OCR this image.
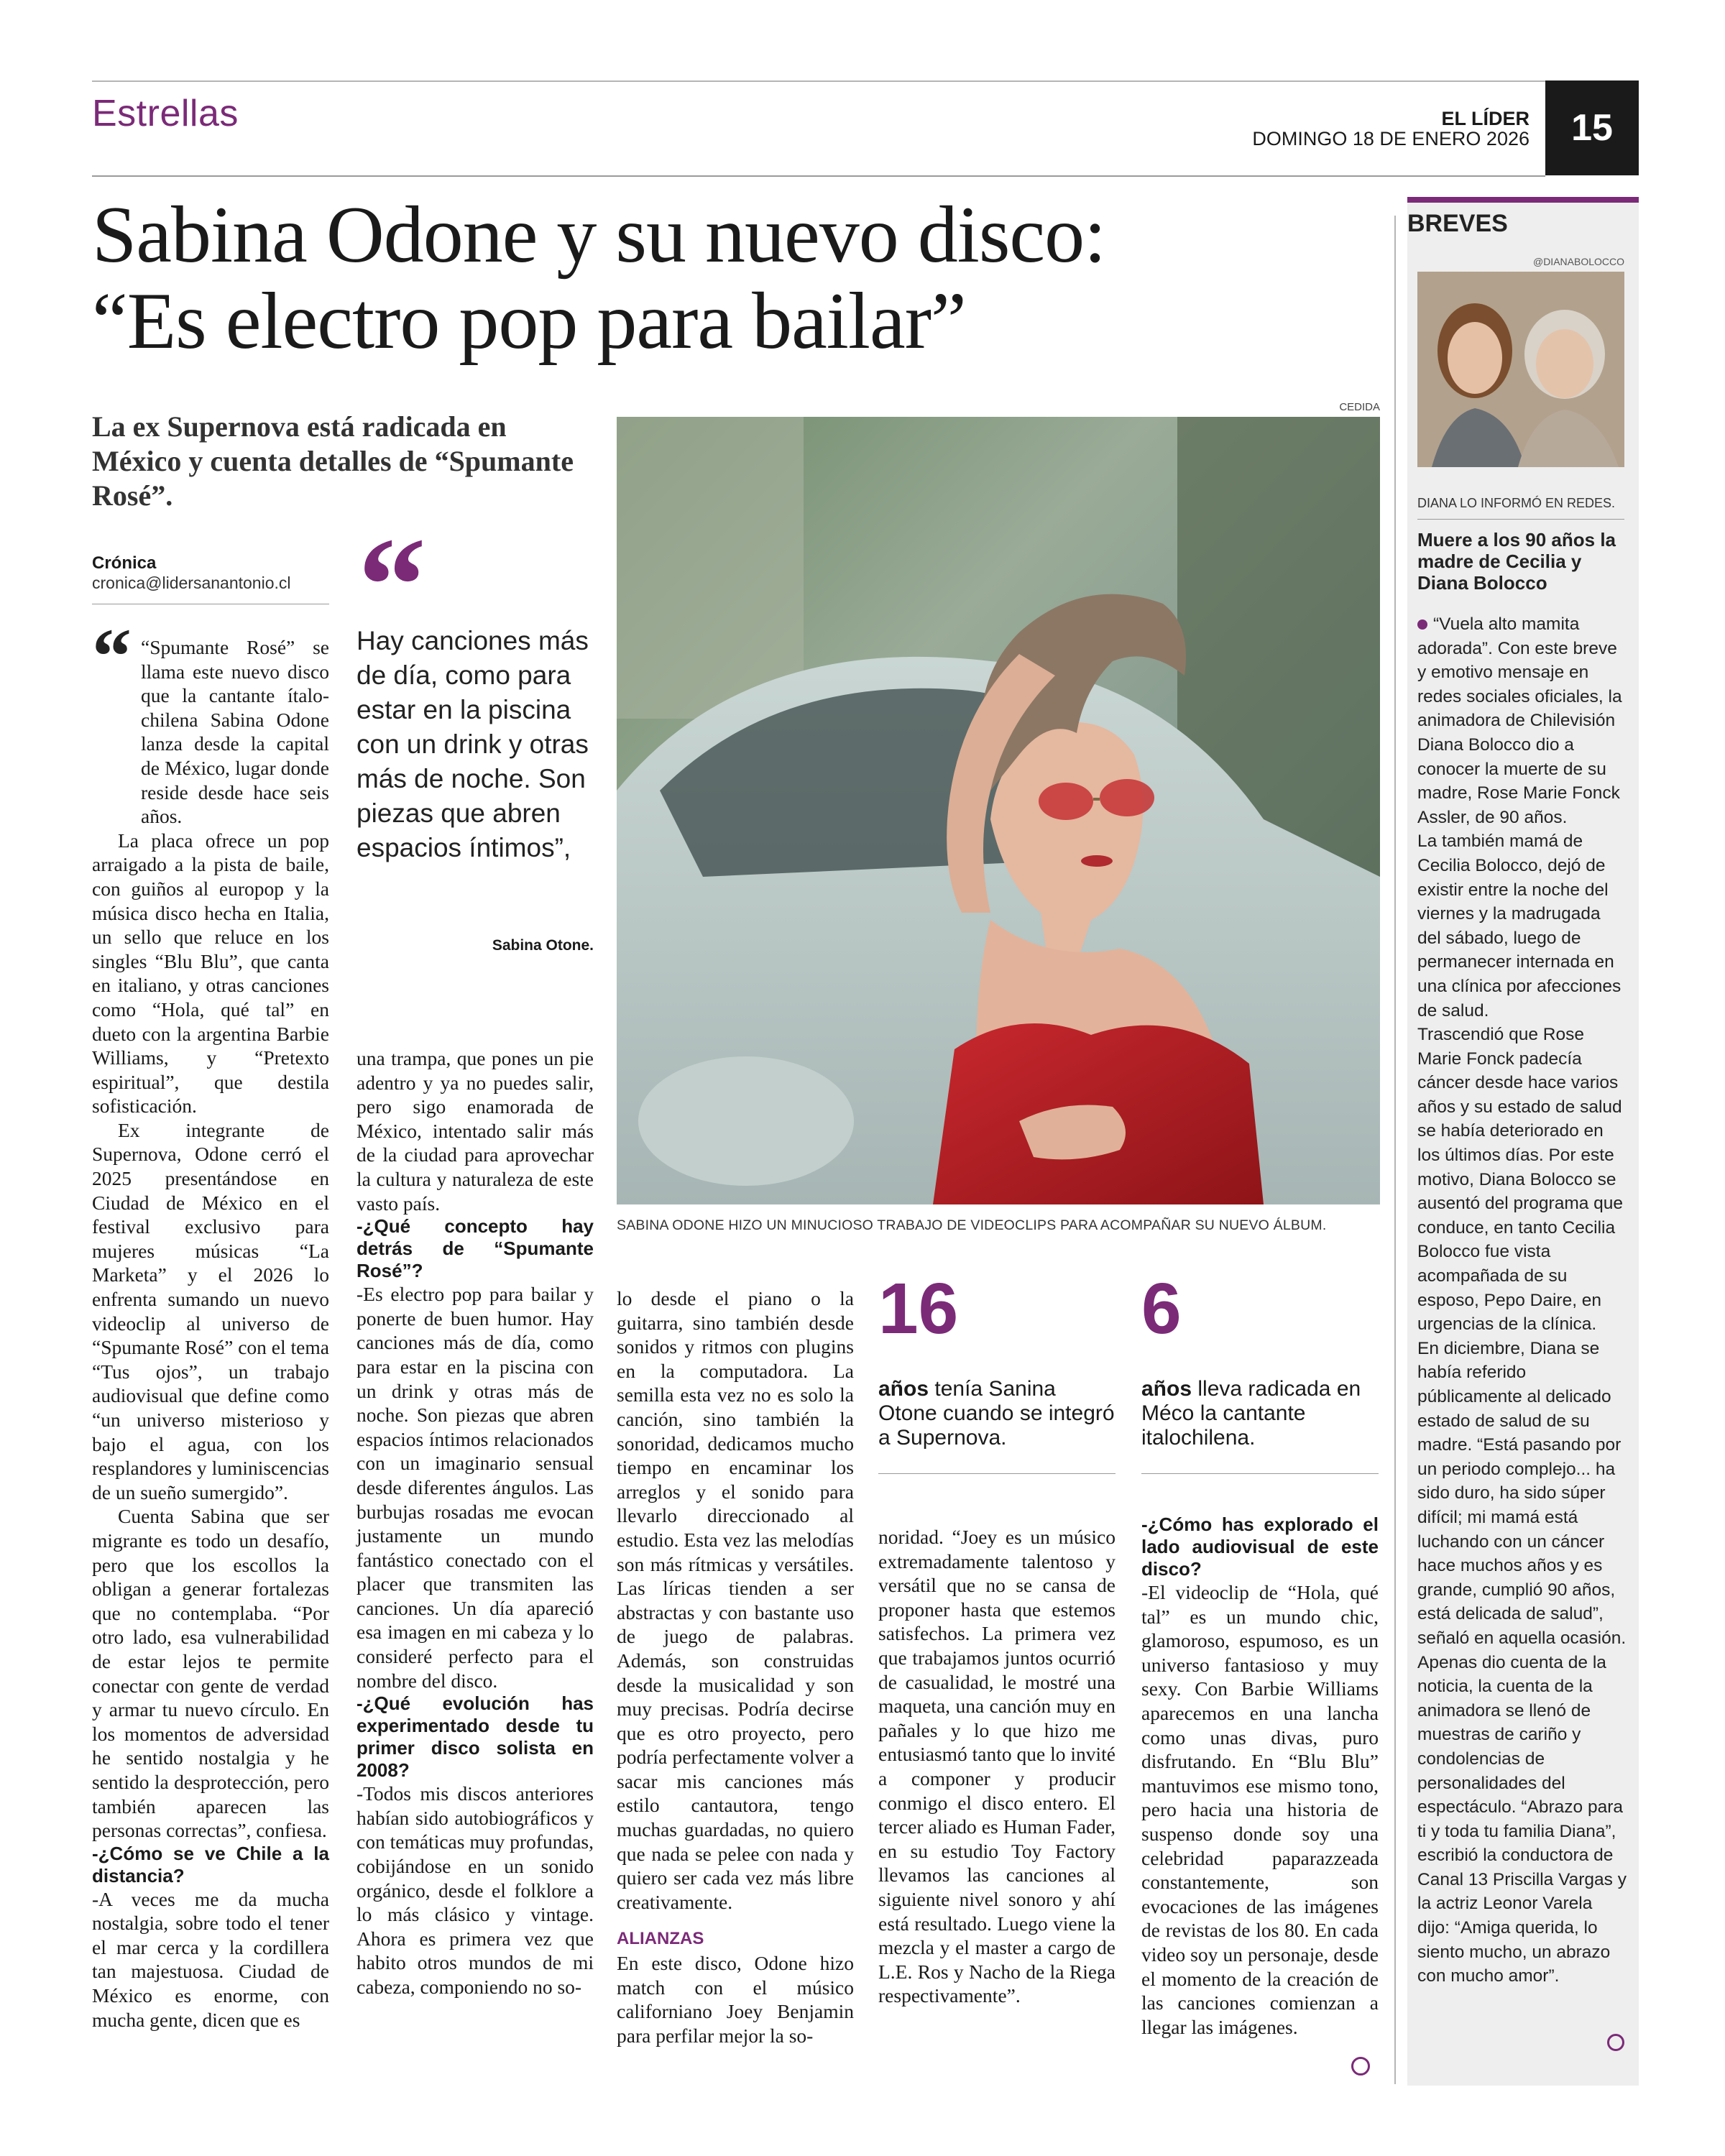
Estrellas	EL LÍDER
DOMINGO 18 DE ENERO 2026	15
Sabina Odone y su nuevo disco:
“Es electro pop para bailar”
La ex Supernova está radicada en México y cuenta detalles de “Spumante Rosé”.
Crónica
cronica@lidersanantonio.cl
“ “Spumante Rosé” se llama este nuevo disco que la cantante ítalo-chilena Sabina Odone lanza desde la capital de México, lugar donde reside desde hace seis años.

La placa ofrece un pop arraigado a la pista de baile, con guiños al europop y la música disco hecha en Italia, un sello que reluce en los singles “Blu Blu”, que canta en italiano, y otras canciones como “Hola, qué tal” en dueto con la argentina Barbie Williams, y “Pretexto espiritual”, que destila sofisticación.

Ex integrante de Supernova, Odone cerró el 2025 presentándose en Ciudad de México en el festival exclusivo para mujeres músicas “La Marketa” y el 2026 lo enfrenta sumando un nuevo videoclip al universo de “Spumante Rosé” con el tema “Tus ojos”, un trabajo audiovisual que define como “un universo misterioso y bajo el agua, con los resplandores y luminiscencias de un sueño sumergido”.

Cuenta Sabina que ser migrante es todo un desafío, pero que los escollos la obligan a generar fortalezas que no contemplaba. “Por otro lado, esa vulnerabilidad de estar lejos te permite conectar con gente de verdad y armar tu nuevo círculo. En los momentos de adversidad he sentido nostalgia y he sentido la desprotección, pero también aparecen las personas correctas”, confiesa.

-¿Cómo se ve Chile a la distancia?

-A veces me da mucha nostalgia, sobre todo el tener el mar cerca y la cordillera tan majestuosa. Ciudad de México es enorme, con mucha gente, dicen que es

“
Hay canciones más de día, como para estar en la piscina con un drink y otras más de noche. Son piezas que abren espacios íntimos”,
Sabina Otone.

una trampa, que pones un pie adentro y ya no puedes salir, pero sigo enamorada de México, intentado salir más de la ciudad para aprovechar la cultura y naturaleza de este vasto país.

-¿Qué concepto hay detrás de “Spumante Rosé”?

-Es electro pop para bailar y ponerte de buen humor. Hay canciones más de día, como para estar en la piscina con un drink y otras más de noche. Son piezas que abren espacios íntimos relacionados con un imaginario sensual desde diferentes ángulos. Las burbujas rosadas me evocan justamente un mundo fantástico conectado con el placer que transmiten las canciones. Un día apareció esa imagen en mi cabeza y lo consideré perfecto para el nombre del disco.

-¿Qué evolución has experimentado desde tu primer disco solista en 2008?

-Todos mis discos anteriores habían sido autobiográficos y con temáticas muy profundas, cobijándose en un sonido orgánico, desde el folklore a lo más clásico y vintage. Ahora es primera vez que habito otros mundos de mi cabeza, componiendo no so-

CEDIDA
SABINA ODONE HIZO UN MINUCIOSO TRABAJO DE VIDEOCLIPS PARA ACOMPAÑAR SU NUEVO ÁLBUM.

lo desde el piano o la guitarra, sino también desde sonidos y ritmos con plugins en la computadora. La semilla esta vez no es solo la canción, sino también la sonoridad, dedicamos mucho tiempo en encaminar los arreglos y el sonido para llevarlo direccionado al estudio. Esta vez las melodías son más rítmicas y versátiles. Las líricas tienden a ser abstractas y con bastante uso de juego de palabras. Además, son construidas desde la musicalidad y son muy precisas. Podría decirse que es otro proyecto, pero podría perfectamente volver a sacar mis canciones más estilo cantautora, tengo muchas guardadas, no quiero que nada se pelee con nada y quiero ser cada vez más libre creativamente.

ALIANZAS

En este disco, Odone hizo match con el músico californiano Joey Benjamin para perfilar mejor la so-

16
años tenía Sanina Otone cuando se integró a Supernova.
6
años lleva radicada en Méco la cantante italochilena.

noridad. “Joey es un músico extremadamente talentoso y versátil que no se cansa de proponer hasta que estemos satisfechos. La primera vez que trabajamos juntos ocurrió de casualidad, le mostré una maqueta, una canción muy en pañales y lo que hizo me entusiasmó tanto que lo invité a componer y producir conmigo el disco entero. El tercer aliado es Human Fader, en su estudio Toy Factory llevamos las canciones al siguiente nivel sonoro y ahí está resultado. Luego viene la mezcla y el master a cargo de L.E. Ros y Nacho de la Riega respectivamente”.

-¿Cómo has explorado el lado audiovisual de este disco?

-El videoclip de “Hola, qué tal” es un mundo chic, glamoroso, espumoso, es un universo fantasioso y muy sexy. Con Barbie Williams aparecemos en una lancha como unas divas, puro disfrutando. En “Blu Blu” mantuvimos ese mismo tono, pero hacia una historia de suspenso donde soy una celebridad paparazzeada constantemente, son evocaciones de las imágenes de revistas de los 80. En cada video soy un personaje, desde el momento de la creación de las canciones comienzan a llegar las imágenes.

BREVES
@DIANABOLOCCO
DIANA LO INFORMÓ EN REDES.
Muere a los 90 años la madre de Cecilia y Diana Bolocco

“Vuela alto mamita adorada”. Con este breve y emotivo mensaje en redes sociales oficiales, la animadora de Chilevisión Diana Bolocco dio a conocer la muerte de su madre, Rose Marie Fonck Assler, de 90 años.

La también mamá de Cecilia Bolocco, dejó de existir entre la noche del viernes y la madrugada del sábado, luego de permanecer internada en una clínica por afecciones de salud.

Trascendió que Rose Marie Fonck padecía cáncer desde hace varios años y su estado de salud se había deteriorado en los últimos días. Por este motivo, Diana Bolocco se ausentó del programa que conduce, en tanto Cecilia Bolocco fue vista acompañada de su esposo, Pepo Daire, en urgencias de la clínica.

En diciembre, Diana se había referido públicamente al delicado estado de salud de su madre. “Está pasando por un periodo complejo... ha sido duro, ha sido súper difícil; mi mamá está luchando con un cáncer hace muchos años y es grande, cumplió 90 años, está delicada de salud”, señaló en aquella ocasión.

Apenas dio cuenta de la noticia, la cuenta de la animadora se llenó de muestras de cariño y condolencias de personalidades del espectáculo. “Abrazo para ti y toda tu familia Diana”, escribió la conductora de Canal 13 Priscilla Vargas y la actriz Leonor Varela dijo: “Amiga querida, lo siento mucho, un abrazo con mucho amor”.
